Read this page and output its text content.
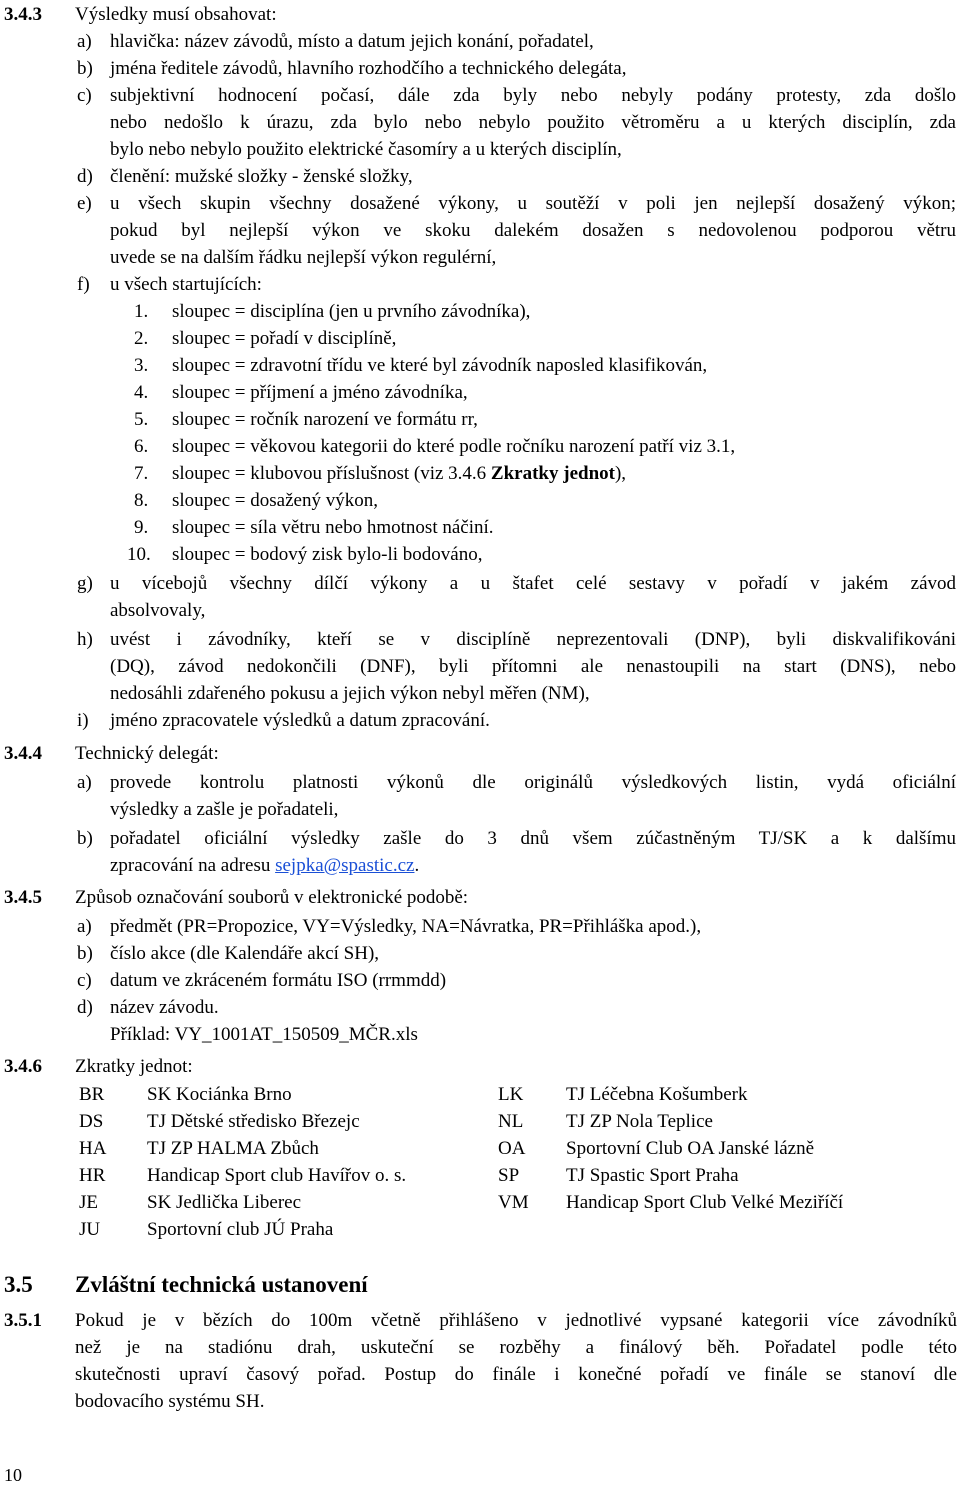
3.4.3 Výsledky musí obsahovat:
a) hlavička: název závodů, místo a datum jejich konání, pořadatel,
b) jména ředitele závodů, hlavního rozhodčího a technického delegáta,
c) subjektivní hodnocení počasí, dále zda byly nebo nebyly podány protesty, zda došlo
nebo nedošlo k úrazu, zda bylo nebo nebylo použito větroměru a u kterých disciplín, zda
bylo nebo nebylo použito elektrické časomíry a u kterých disciplín,
d) členění: mužské složky - ženské složky,
e) u všech skupin všechny dosažené výkony, u soutěží v poli jen nejlepší dosažený výkon;
pokud byl nejlepší výkon ve skoku dalekém dosažen s nedovolenou podporou větru
uvede se na dalším řádku nejlepší výkon regulérní,
f) u všech startujících:
1. sloupec = disciplína (jen u prvního závodníka),
2. sloupec = pořadí v disciplíně,
3. sloupec = zdravotní třídu ve které byl závodník naposled klasifikován,
4. sloupec = příjmení a jméno závodníka,
5. sloupec = ročník narození ve formátu rr,
6. sloupec = věkovou kategorii do které podle ročníku narození patří viz 3.1,
7. sloupec = klubovou příslušnost (viz 3.4.6 Zkratky jednot),
8. sloupec = dosažený výkon,
9. sloupec = síla větru nebo hmotnost náčiní.
10. sloupec = bodový zisk bylo-li bodováno,
g) u vícebojů všechny dílčí výkony a u štafet celé sestavy v pořadí v jakém závod
absolvovaly,
h) uvést i závodníky, kteří se v disciplíně neprezentovali (DNP), byli diskvalifikováni
(DQ), závod nedokončili (DNF), byli přítomni ale nenastoupili na start (DNS), nebo
nedosáhli zdařeného pokusu a jejich výkon nebyl měřen (NM),
i) jméno zpracovatele výsledků a datum zpracování.
3.4.4 Technický delegát:
a) provede kontrolu platnosti výkonů dle originálů výsledkových listin, vydá oficiální
výsledky a zašle je pořadateli,
b) pořadatel oficiální výsledky zašle do 3 dnů všem zúčastněným TJ/SK a k dalšímu
zpracování na adresu sejpka@spastic.cz.
3.4.5 Způsob označování souborů v elektronické podobě:
a) předmět (PR=Propozice, VY=Výsledky, NA=Návratka, PR=Přihláška apod.),
b) číslo akce (dle Kalendáře akcí SH),
c) datum ve zkráceném formátu ISO (rrmmdd)
d) název závodu.
Příklad: VY_1001AT_150509_MČR.xls
3.4.6 Zkratky jednot:
BR SK Kociánka Brno
DS TJ Dětské středisko Březejc
HA TJ ZP HALMA Zbůch
HR Handicap Sport club Havířov o. s.
JE	SK Jedlička Liberec
JU Sportovní club JÚ Praha
LK TJ Léčebna Košumberk
NL TJ ZP Nola Teplice
OA Sportovní Club OA Janské lázně
SP TJ Spastic Sport Praha
VM Handicap Sport Club Velké Meziříčí
3.5 Zvláštní technická ustanovení
3.5.1 Pokud je v bězích do 100m včetně přihlášeno v jednotlivé vypsané kategorii více závodníků
než je na stadiónu drah, uskuteční se rozběhy a finálový běh. Pořadatel podle této
skutečnosti upraví časový pořad. Postup do finále i konečné pořadí ve finále se stanoví dle
bodovacího systému SH.
10
